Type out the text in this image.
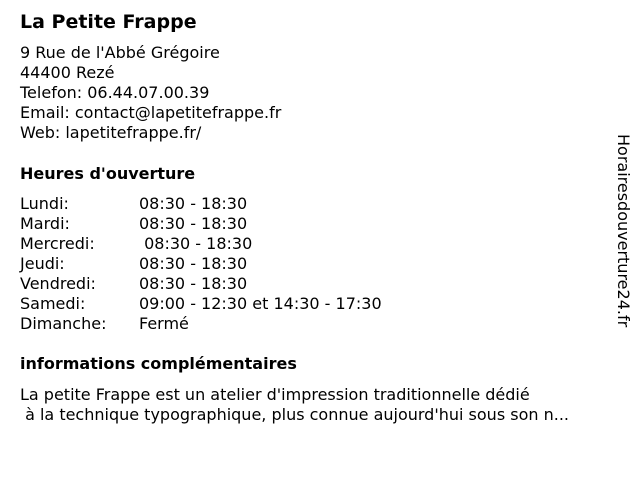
La Petite Frappe
9 Rue de l'Abbé Grégoire
44400 Rezé
Telefon: 06.44.07.00.39
Email: contact@lapetitefrappe.fr
Web: lapetitefrappe.fr/
Heures d'ouverture
Lundi:	08:30 - 18:30
Mardi:	08:30 - 18:30
Mercredi:	08:30 - 18:30
Jeudi:	08:30 - 18:30
Vendredi:	08:30 - 18:30
Samedi:	09:00 - 12:30 et 14:30 - 17:30
Dimanche: Fermé
informations complémentaires
La petite Frappe est un atelier d'impression traditionnelle dédié
à la technique typographique, plus connue aujourd'hui sous son n...
Horairesdouverture24.fr
